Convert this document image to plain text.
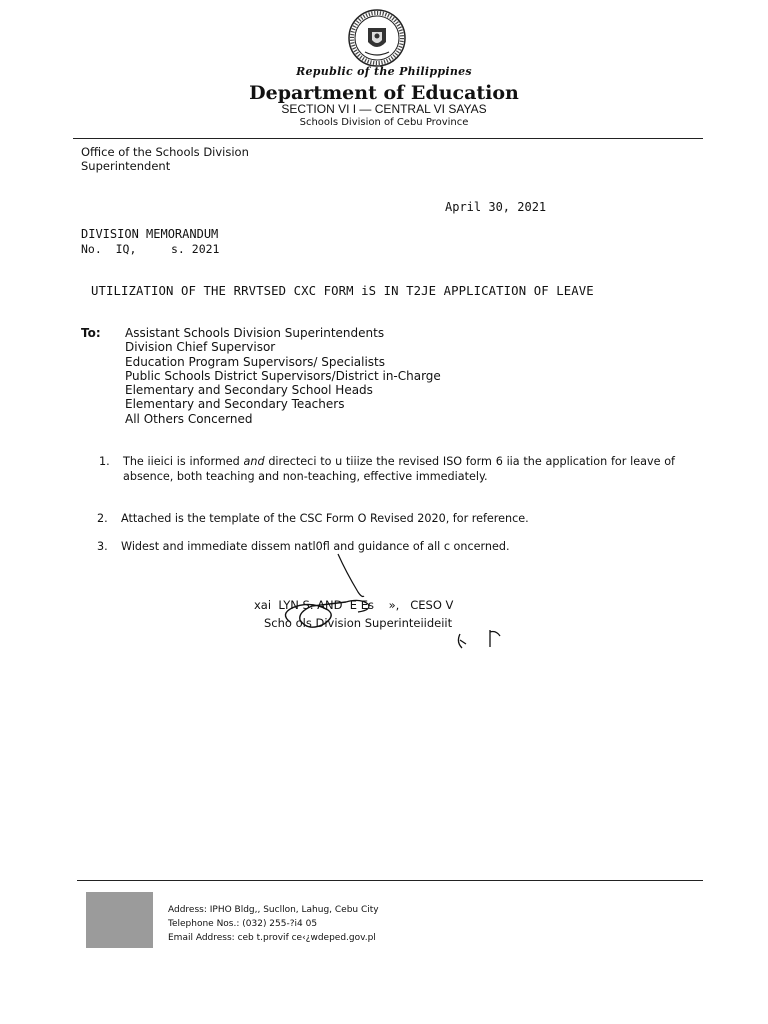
Republic of the Philippines
Department of Education
SECTION VI I — CENTRAL VI SAYAS
Schools Division of Cebu Province
Office of the Schools Division
Superintendent
April 30, 2021
DIVISION MEMORANDUM
No.  IQ,     s. 2021
UTILIZATION OF THE RRVTSED CXC FORM iS IN T2JE APPLICATION OF LEAVE
To: Assistant Schools Division Superintendents
Division Chief Supervisor
Education Program Supervisors/ Specialists
Public Schools District Supervisors/District in-Charge
Elementary and Secondary School Heads
Elementary and Secondary Teachers
All Others Concerned
1. The iieici is informed and directeci to u tiiize the revised ISO form 6 iia the application for leave of absence, both teaching and non-teaching, effective immediately.
2. Attached is the template of the CSC Form O Revised 2020, for reference.
3. Widest and immediate dissem natl0fl and guidance of all c oncerned.
xai  LYN S. AND  E Es    »,   CESO V
Scho ols Division Superinteiideiit
Address: IPHO Bldg,, Suc‌llon, Lahug, Cebu City
Telephone Nos.: (032) 255-?i4 05
Email Address: ceb t.provif ce‹¿wdeped.gov.pl
